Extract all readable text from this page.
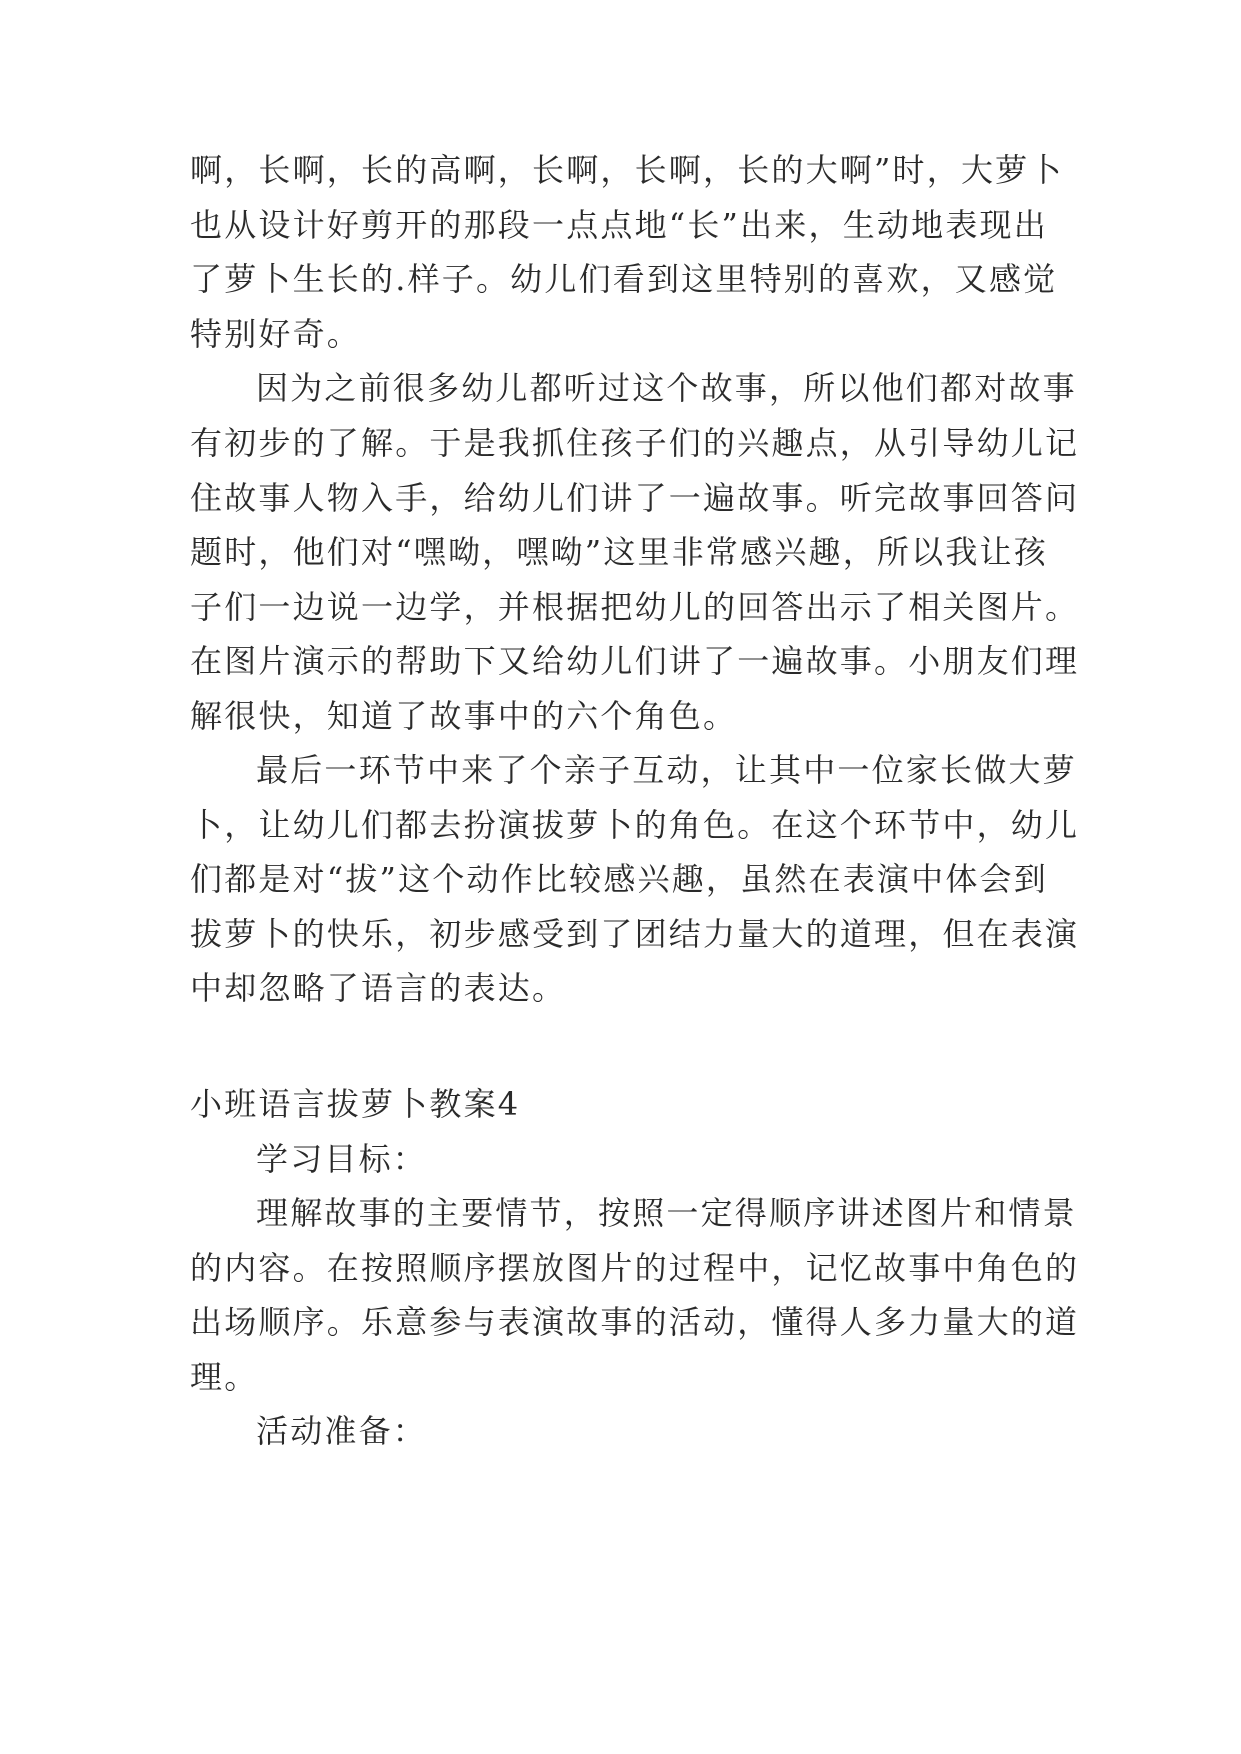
啊，长啊，长的高啊，长啊，长啊，长的大啊”时，大萝卜
也从设计好剪开的那段一点点地“长”出来，生动地表现出
了萝卜生长的.样子。幼儿们看到这里特别的喜欢，又感觉
特别好奇。
因为之前很多幼儿都听过这个故事，所以他们都对故事
有初步的了解。于是我抓住孩子们的兴趣点，从引导幼儿记
住故事人物入手，给幼儿们讲了一遍故事。听完故事回答问
题时，他们对“嘿呦，嘿呦”这里非常感兴趣，所以我让孩
子们一边说一边学，并根据把幼儿的回答出示了相关图片。
在图片演示的帮助下又给幼儿们讲了一遍故事。小朋友们理
解很快，知道了故事中的六个角色。
最后一环节中来了个亲子互动，让其中一位家长做大萝
卜，让幼儿们都去扮演拔萝卜的角色。在这个环节中，幼儿
们都是对“拔”这个动作比较感兴趣，虽然在表演中体会到
拔萝卜的快乐，初步感受到了团结力量大的道理，但在表演
中却忽略了语言的表达。
小班语言拔萝卜教案4
学习目标：
理解故事的主要情节，按照一定得顺序讲述图片和情景
的内容。在按照顺序摆放图片的过程中，记忆故事中角色的
出场顺序。乐意参与表演故事的活动，懂得人多力量大的道
理。
活动准备：
